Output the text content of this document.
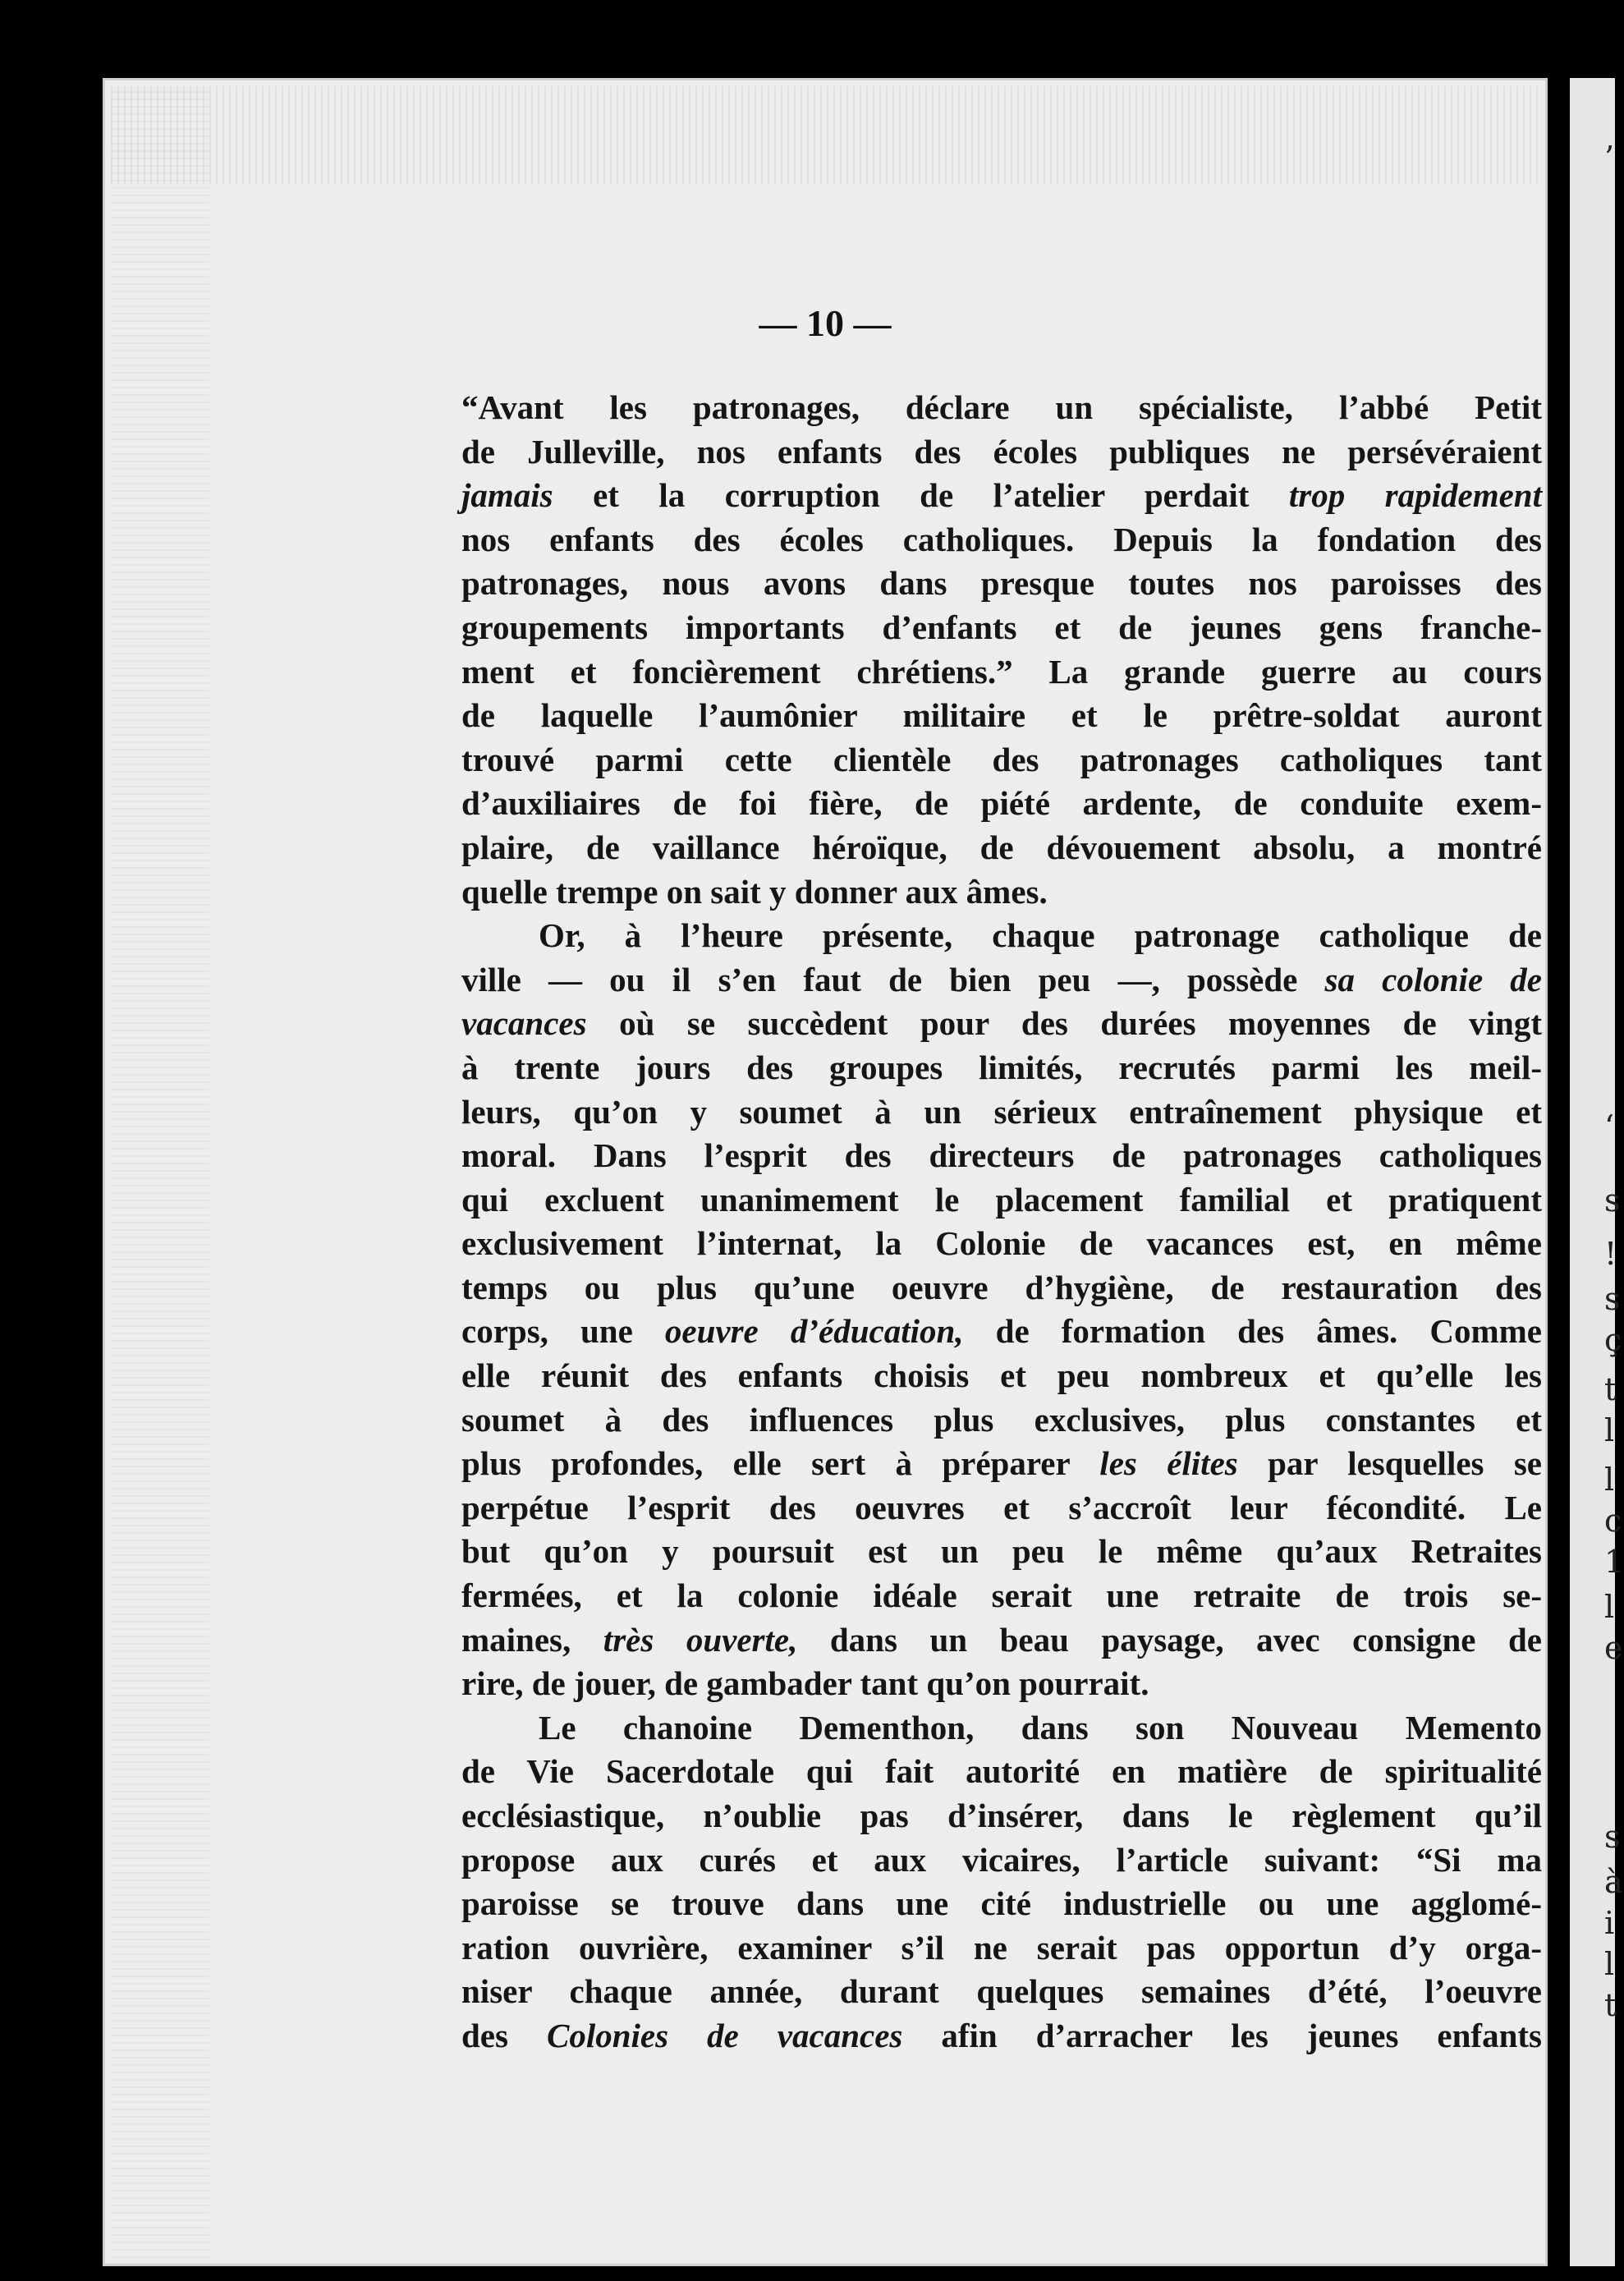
— 10 —
“Avant les patronages, déclare un spécialiste, l’abbé Petit
de Julleville, nos enfants des écoles publiques ne persévéraient
jamais et la corruption de l’atelier perdait trop rapidement
nos enfants des écoles catholiques. Depuis la fondation des
patronages, nous avons dans presque toutes nos paroisses des
groupements importants d’enfants et de jeunes gens franche-
ment et foncièrement chrétiens.” La grande guerre au cours
de laquelle l’aumônier militaire et le prêtre-soldat auront
trouvé parmi cette clientèle des patronages catholiques tant
d’auxiliaires de foi fière, de piété ardente, de conduite exem-
plaire, de vaillance héroïque, de dévouement absolu, a montré
quelle trempe on sait y donner aux âmes.
Or, à l’heure présente, chaque patronage catholique de
ville — ou il s’en faut de bien peu —, possède sa colonie de
vacances où se succèdent pour des durées moyennes de vingt
à trente jours des groupes limités, recrutés parmi les meil-
leurs, qu’on y soumet à un sérieux entraînement physique et
moral. Dans l’esprit des directeurs de patronages catholiques
qui excluent unanimement le placement familial et pratiquent
exclusivement l’internat, la Colonie de vacances est, en même
temps ou plus qu’une oeuvre d’hygiène, de restauration des
corps, une oeuvre d’éducation, de formation des âmes. Comme
elle réunit des enfants choisis et peu nombreux et qu’elle les
soumet à des influences plus exclusives, plus constantes et
plus profondes, elle sert à préparer les élites par lesquelles se
perpétue l’esprit des oeuvres et s’accroît leur fécondité. Le
but qu’on y poursuit est un peu le même qu’aux Retraites
fermées, et la colonie idéale serait une retraite de trois se-
maines, très ouverte, dans un beau paysage, avec consigne de
rire, de jouer, de gambader tant qu’on pourrait.
Le chanoine Dementhon, dans son Nouveau Memento
de Vie Sacerdotale qui fait autorité en matière de spiritualité
ecclésiastique, n’oublie pas d’insérer, dans le règlement qu’il
propose aux curés et aux vicaires, l’article suivant: “Si ma
paroisse se trouve dans une cité industrielle ou une agglomé-
ration ouvrière, examiner s’il ne serait pas opportun d’y orga-
niser chaque année, durant quelques semaines d’été, l’oeuvre
des Colonies de vacances afin d’arracher les jeunes enfants
’
‘
s
!
s
ç
t
l
l
c
1
l
e
s
à
i
l
t
